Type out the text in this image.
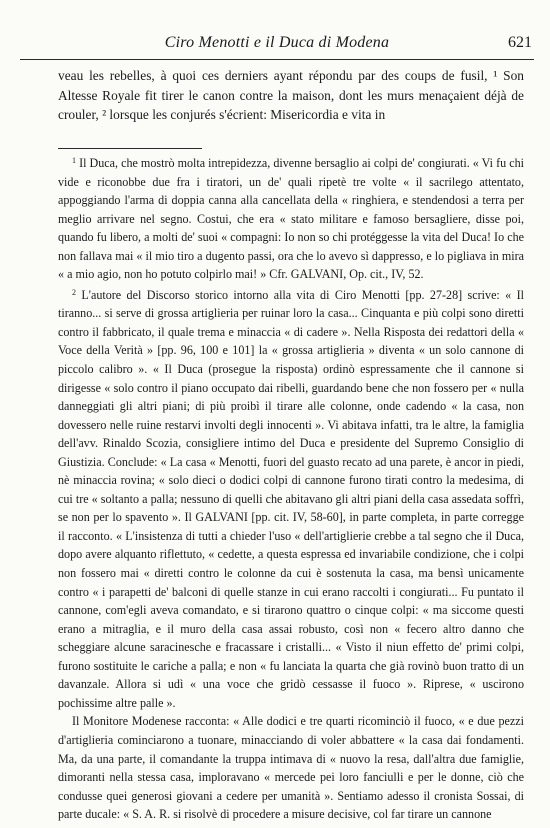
Ciro Menotti e il Duca di Modena	621

veau les rebelles, à quoi ces derniers ayant répondu par des coups de fusil, ¹ Son Altesse Royale fit tirer le canon contre la maison, dont les murs menaçaient déjà de crouler, ² lorsque les conjurés s'écrient: Misericordia e vita in

$^1$ Il Duca, che mostrò molta intrepidezza, divenne bersaglio ai colpi de' congiurati. « Vi fu chi vide e riconobbe due fra i tiratori, un de' quali ripetè tre volte « il sacrilego attentato, appoggiando l'arma di doppia canna alla cancellata della « ringhiera, e stendendosi a terra per meglio arrivare nel segno. Costui, che era « stato militare e famoso bersagliere, disse poi, quando fu libero, a molti de' suoi « compagni: Io non so chi protéggesse la vita del Duca! Io che non fallava mai « il mio tiro a dugento passi, ora che lo avevo sì dappresso, e lo pigliava in mira « a mio agio, non ho potuto colpirlo mai! » Cfr. GALVANI, Op. cit., IV, 52.

$^2$ L'autore del Discorso storico intorno alla vita di Ciro Menotti [pp. 27-28] scrive: « Il tiranno... si serve di grossa artiglieria per ruinar loro la casa... Cinquanta e più colpi sono diretti contro il fabbricato, il quale trema e minaccia « di cadere ». Nella Risposta dei redattori della « Voce della Verità » [pp. 96, 100 e 101] la « grossa artiglieria » diventa « un solo cannone di piccolo calibro ». « Il Duca (prosegue la risposta) ordinò espressamente che il cannone si dirigesse « solo contro il piano occupato dai ribelli, guardando bene che non fossero per « nulla danneggiati gli altri piani; di più proibì il tirare alle colonne, onde cadendo « la casa, non dovessero nelle ruine restarvi involti degli innocenti ». Vi abitava infatti, tra le altre, la famiglia dell'avv. Rinaldo Scozia, consigliere intimo del Duca e presidente del Supremo Consiglio di Giustizia. Conclude: « La casa « Menotti, fuori del guasto recato ad una parete, è ancor in piedi, nè minaccia rovina; « solo dieci o dodici colpi di cannone furono tirati contro la medesima, di cui tre « soltanto a palla; nessuno di quelli che abitavano gli altri piani della casa assedata soffrì, se non per lo spavento ». Il GALVANI [pp. cit. IV, 58-60], in parte completa, in parte corregge il racconto. « L'insistenza di tutti a chieder l'uso « dell'artiglierie crebbe a tal segno che il Duca, dopo avere alquanto riflettuto, « cedette, a questa espressa ed invariabile condizione, che i colpi non fossero mai « diretti contro le colonne da cui è sostenuta la casa, ma bensì unicamente contro « i parapetti de' balconi di quelle stanze in cui erano raccolti i congiurati... Fu puntato il cannone, com'egli aveva comandato, e si tirarono quattro o cinque colpi: « ma siccome questi erano a mitraglia, e il muro della casa assai robusto, così non « fecero altro danno che scheggiare alcune saracinesche e fracassare i cristalli... « Visto il niun effetto de' primi colpi, furono sostituite le cariche a palla; e non « fu lanciata la quarta che già rovinò buon tratto di un davanzale. Allora si udì « una voce che gridò cessasse il fuoco ». Riprese, « uscirono pochissime altre palle ».

Il Monitore Modenese racconta: « Alle dodici e tre quarti ricominciò il fuoco, « e due pezzi d'artiglieria cominciarono a tuonare, minacciando di voler abbattere « la casa dai fondamenti. Ma, da una parte, il comandante la truppa intimava di « nuovo la resa, dall'altra due famiglie, dimoranti nella stessa casa, imploravano « mercede pei loro fanciulli e per le donne, ciò che condusse quei generosi giovani a cedere per umanità ». Sentiamo adesso il cronista Sossai, di parte ducale: « S. A. R. si risolvè di procedere a misure decisive, col far tirare un cannone
